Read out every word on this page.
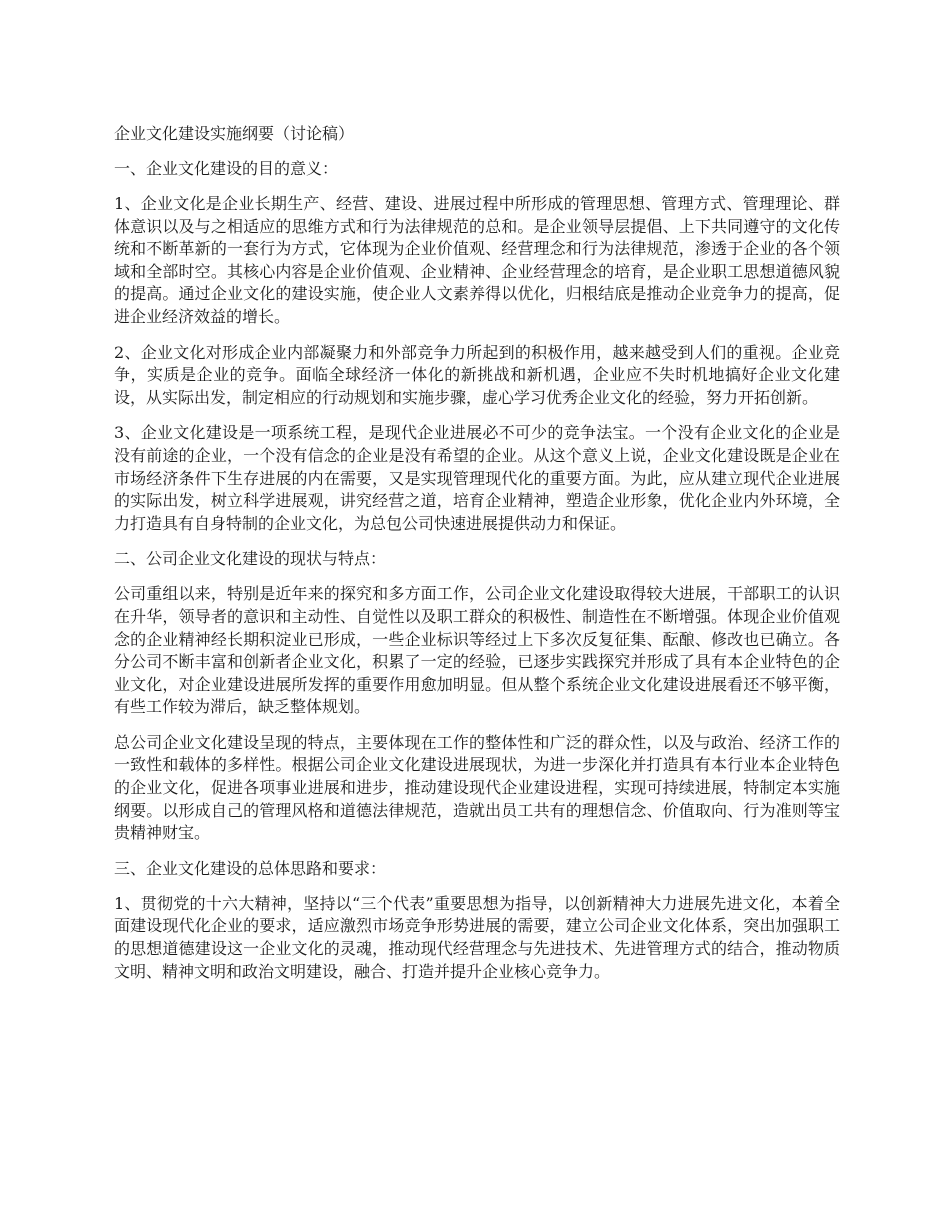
企业文化建设实施纲要（讨论稿）

一、企业文化建设的目的意义：

1、企业文化是企业长期生产、经营、建设、进展过程中所形成的管理思想、管理方式、管理理论、群体意识以及与之相适应的思维方式和行为法律规范的总和。是企业领导层提倡、上下共同遵守的文化传统和不断革新的一套行为方式，它体现为企业价值观、经营理念和行为法律规范，渗透于企业的各个领域和全部时空。其核心内容是企业价值观、企业精神、企业经营理念的培育，是企业职工思想道德风貌的提高。通过企业文化的建设实施，使企业人文素养得以优化，归根结底是推动企业竞争力的提高，促进企业经济效益的增长。

2、企业文化对形成企业内部凝聚力和外部竞争力所起到的积极作用，越来越受到人们的重视。企业竞争，实质是企业的竞争。面临全球经济一体化的新挑战和新机遇，企业应不失时机地搞好企业文化建设，从实际出发，制定相应的行动规划和实施步骤，虚心学习优秀企业文化的经验，努力开拓创新。

3、企业文化建设是一项系统工程，是现代企业进展必不可少的竞争法宝。一个没有企业文化的企业是没有前途的企业，一个没有信念的企业是没有希望的企业。从这个意义上说，企业文化建设既是企业在市场经济条件下生存进展的内在需要，又是实现管理现代化的重要方面。为此，应从建立现代企业进展的实际出发，树立科学进展观，讲究经营之道，培育企业精神，塑造企业形象，优化企业内外环境，全力打造具有自身特制的企业文化，为总包公司快速进展提供动力和保证。

二、公司企业文化建设的现状与特点：

公司重组以来，特别是近年来的探究和多方面工作，公司企业文化建设取得较大进展，干部职工的认识在升华，领导者的意识和主动性、自觉性以及职工群众的积极性、制造性在不断增强。体现企业价值观念的企业精神经长期积淀业已形成，一些企业标识等经过上下多次反复征集、酝酿、修改也已确立。各分公司不断丰富和创新者企业文化，积累了一定的经验，已逐步实践探究并形成了具有本企业特色的企业文化，对企业建设进展所发挥的重要作用愈加明显。但从整个系统企业文化建设进展看还不够平衡，有些工作较为滞后，缺乏整体规划。

总公司企业文化建设呈现的特点，主要体现在工作的整体性和广泛的群众性，以及与政治、经济工作的一致性和载体的多样性。根据公司企业文化建设进展现状，为进一步深化并打造具有本行业本企业特色的企业文化，促进各项事业进展和进步，推动建设现代企业建设进程，实现可持续进展，特制定本实施纲要。以形成自己的管理风格和道德法律规范，造就出员工共有的理想信念、价值取向、行为准则等宝贵精神财宝。

三、企业文化建设的总体思路和要求：

1、贯彻党的十六大精神，坚持以“三个代表”重要思想为指导，以创新精神大力进展先进文化，本着全面建设现代化企业的要求，适应激烈市场竞争形势进展的需要，建立公司企业文化体系，突出加强职工的思想道德建设这一企业文化的灵魂，推动现代经营理念与先进技术、先进管理方式的结合，推动物质文明、精神文明和政治文明建设，融合、打造并提升企业核心竞争力。
